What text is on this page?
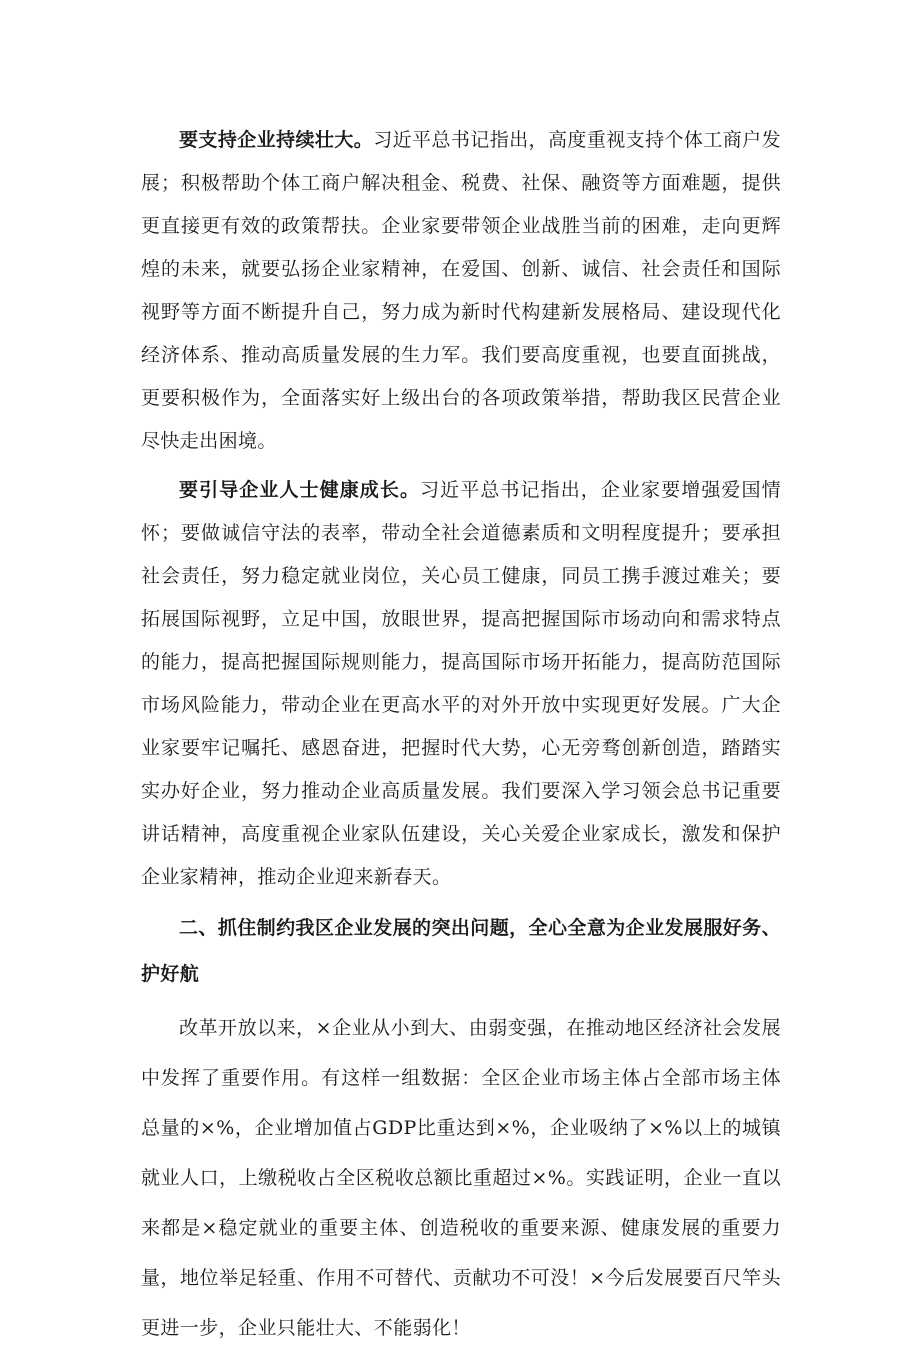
要支持企业持续壮大。习近平总书记指出，高度重视支持个体工商户发展；积极帮助个体工商户解决租金、税费、社保、融资等方面难题，提供更直接更有效的政策帮扶。企业家要带领企业战胜当前的困难，走向更辉煌的未来，就要弘扬企业家精神，在爱国、创新、诚信、社会责任和国际视野等方面不断提升自己，努力成为新时代构建新发展格局、建设现代化经济体系、推动高质量发展的生力军。我们要高度重视，也要直面挑战，更要积极作为，全面落实好上级出台的各项政策举措，帮助我区民营企业尽快走出困境。

要引导企业人士健康成长。习近平总书记指出，企业家要增强爱国情怀；要做诚信守法的表率，带动全社会道德素质和文明程度提升；要承担社会责任，努力稳定就业岗位，关心员工健康，同员工携手渡过难关；要拓展国际视野，立足中国，放眼世界，提高把握国际市场动向和需求特点的能力，提高把握国际规则能力，提高国际市场开拓能力，提高防范国际市场风险能力，带动企业在更高水平的对外开放中实现更好发展。广大企业家要牢记嘱托、感恩奋进，把握时代大势，心无旁骛创新创造，踏踏实实办好企业，努力推动企业高质量发展。我们要深入学习领会总书记重要讲话精神，高度重视企业家队伍建设，关心关爱企业家成长，激发和保护企业家精神，推动企业迎来新春天。

二、抓住制约我区企业发展的突出问题，全心全意为企业发展服好务、护好航

改革开放以来，×企业从小到大、由弱变强，在推动地区经济社会发展中发挥了重要作用。有这样一组数据：全区企业市场主体占全部市场主体总量的×%，企业增加值占GDP比重达到×%，企业吸纳了×%以上的城镇就业人口，上缴税收占全区税收总额比重超过×%。实践证明，企业一直以来都是×稳定就业的重要主体、创造税收的重要来源、健康发展的重要力量，地位举足轻重、作用不可替代、贡献功不可没！×今后发展要百尺竿头更进一步，企业只能壮大、不能弱化！
